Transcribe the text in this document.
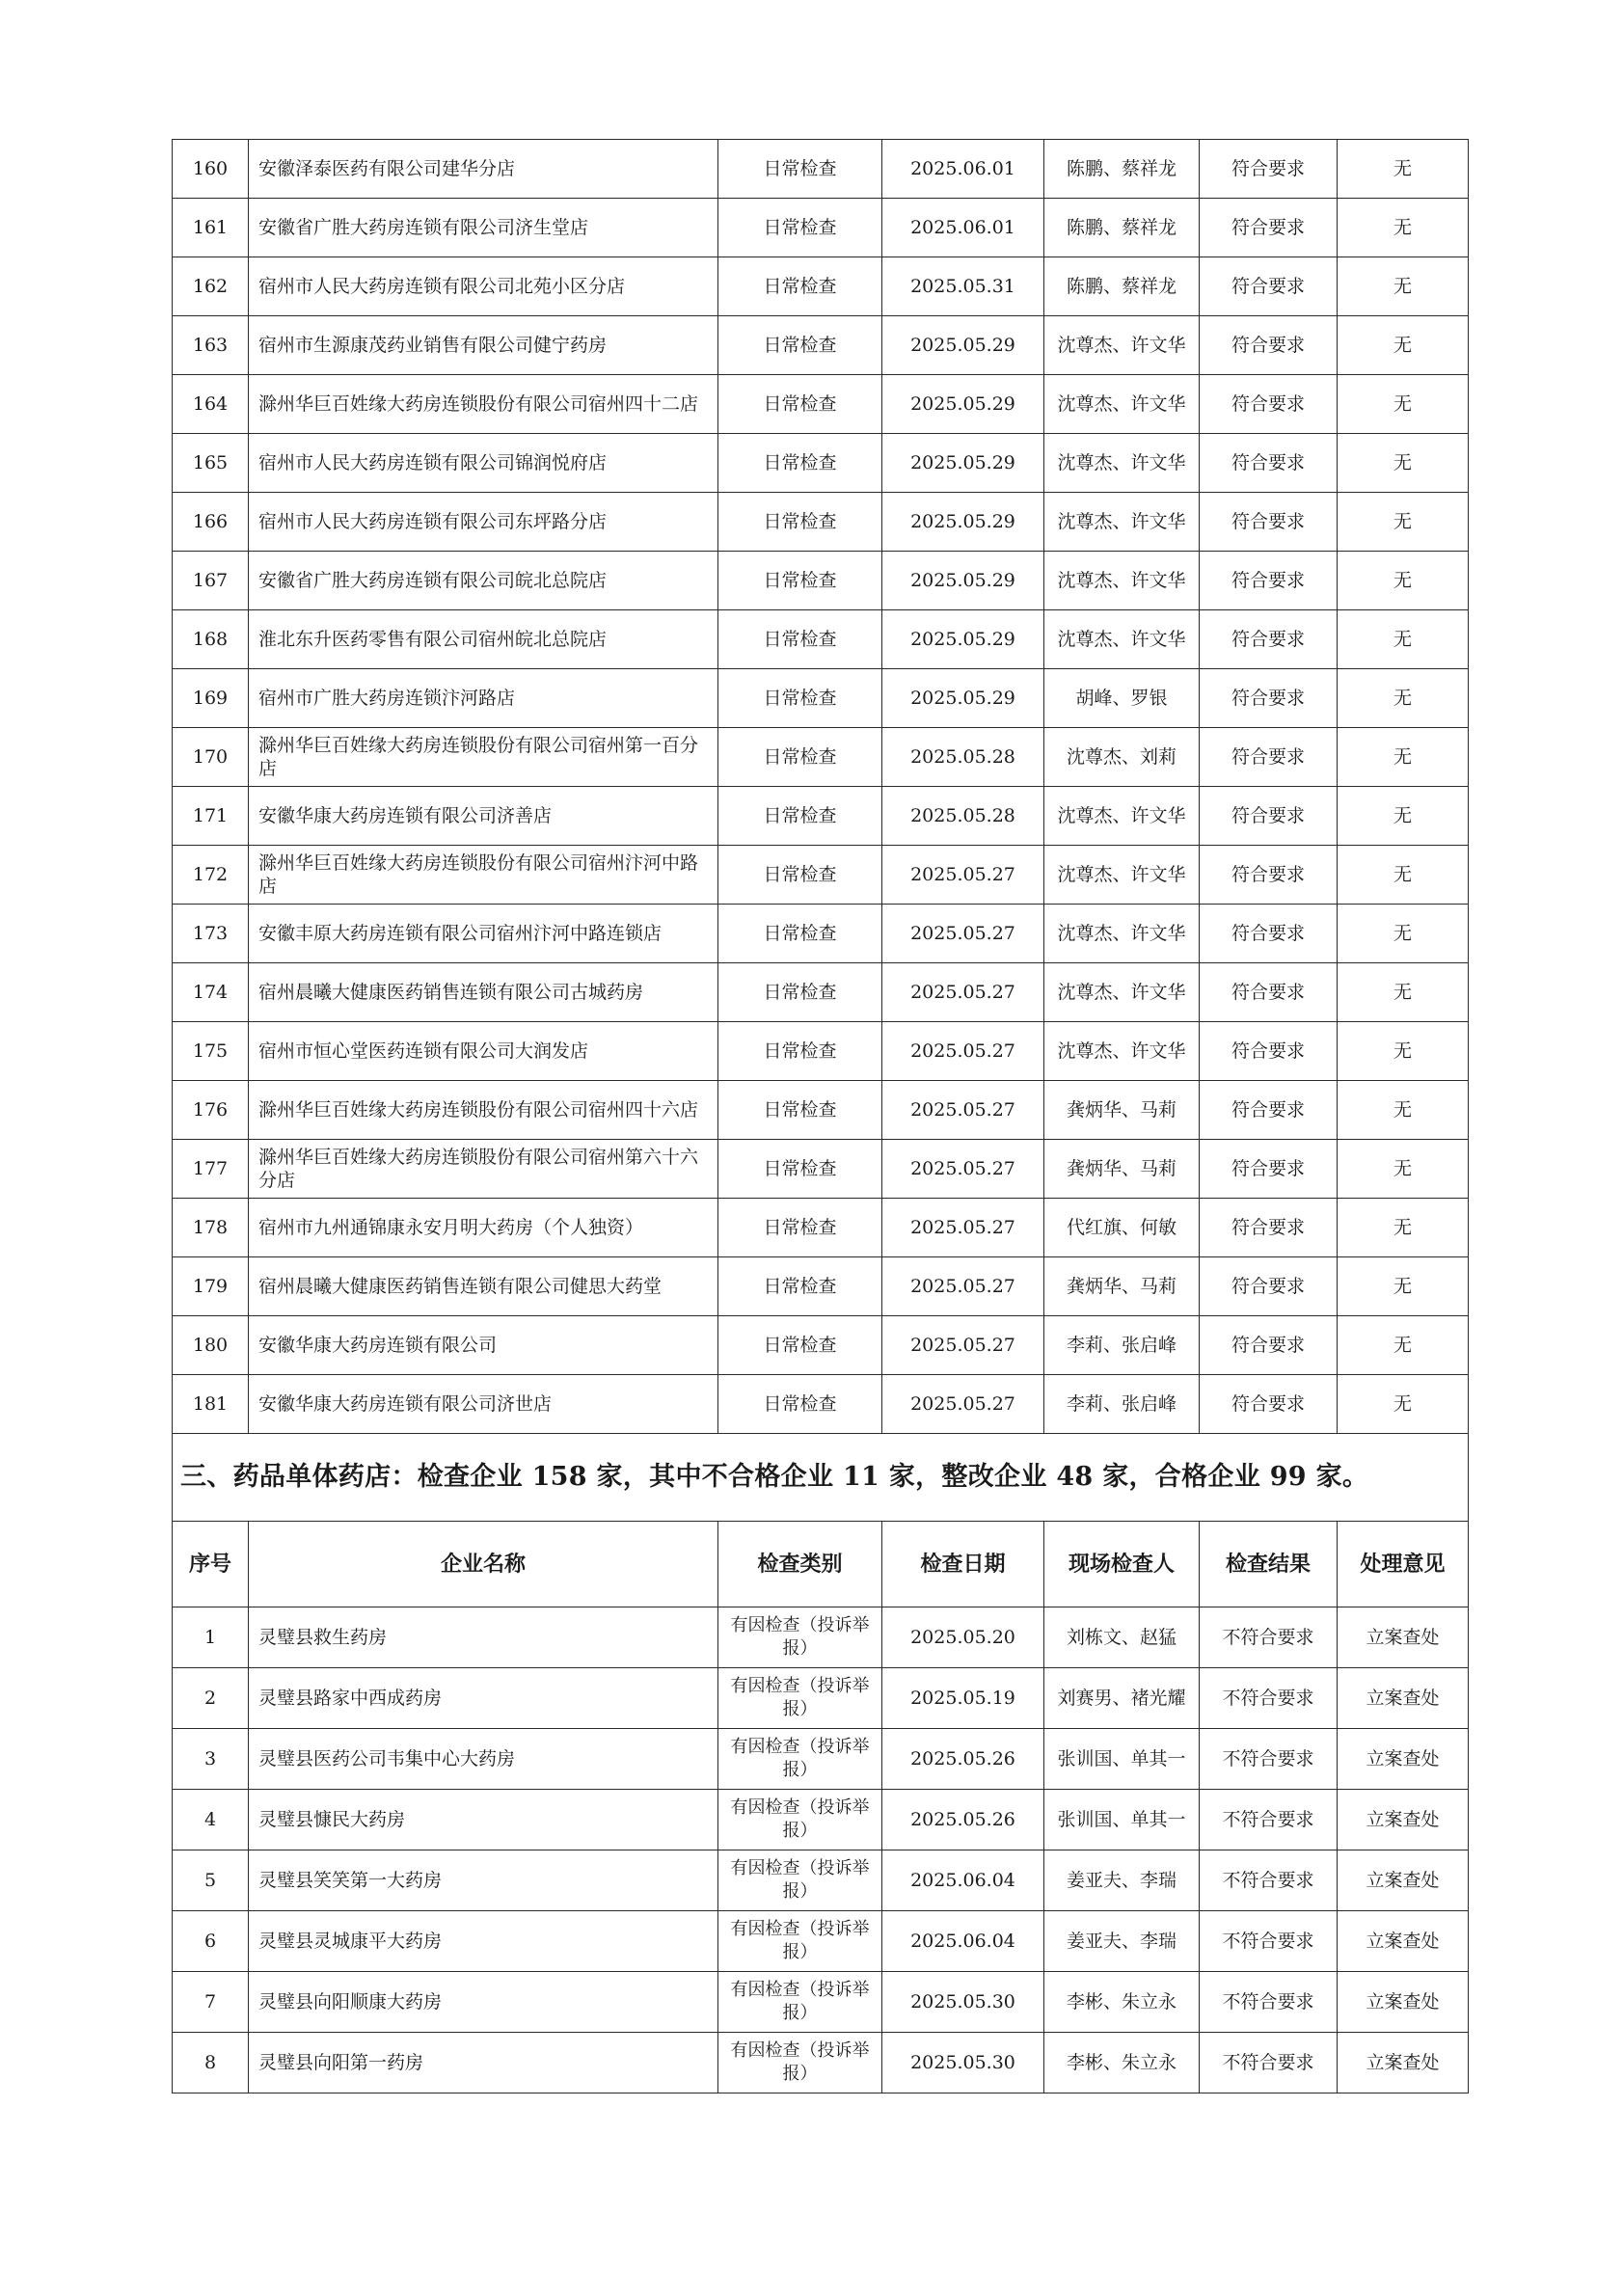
160	安徽泽泰医药有限公司建华分店	日常检查	2025.06.01	陈鹏、蔡祥龙	符合要求	无
161	安徽省广胜大药房连锁有限公司济生堂店	日常检查	2025.06.01	陈鹏、蔡祥龙	符合要求	无
162	宿州市人民大药房连锁有限公司北苑小区分店	日常检查	2025.05.31	陈鹏、蔡祥龙	符合要求	无
163	宿州市生源康茂药业销售有限公司健宁药房	日常检查	2025.05.29	沈尊杰、许文华	符合要求	无
164	滁州华巨百姓缘大药房连锁股份有限公司宿州四十二店	日常检查	2025.05.29	沈尊杰、许文华	符合要求	无
165	宿州市人民大药房连锁有限公司锦润悦府店	日常检查	2025.05.29	沈尊杰、许文华	符合要求	无
166	宿州市人民大药房连锁有限公司东坪路分店	日常检查	2025.05.29	沈尊杰、许文华	符合要求	无
167	安徽省广胜大药房连锁有限公司皖北总院店	日常检查	2025.05.29	沈尊杰、许文华	符合要求	无
168	淮北东升医药零售有限公司宿州皖北总院店	日常检查	2025.05.29	沈尊杰、许文华	符合要求	无
169	宿州市广胜大药房连锁汴河路店	日常检查	2025.05.29	胡峰、罗银	符合要求	无
170	滁州华巨百姓缘大药房连锁股份有限公司宿州第一百分店	日常检查	2025.05.28	沈尊杰、刘莉	符合要求	无
171	安徽华康大药房连锁有限公司济善店	日常检查	2025.05.28	沈尊杰、许文华	符合要求	无
172	滁州华巨百姓缘大药房连锁股份有限公司宿州汴河中路店	日常检查	2025.05.27	沈尊杰、许文华	符合要求	无
173	安徽丰原大药房连锁有限公司宿州汴河中路连锁店	日常检查	2025.05.27	沈尊杰、许文华	符合要求	无
174	宿州晨曦大健康医药销售连锁有限公司古城药房	日常检查	2025.05.27	沈尊杰、许文华	符合要求	无
175	宿州市恒心堂医药连锁有限公司大润发店	日常检查	2025.05.27	沈尊杰、许文华	符合要求	无
176	滁州华巨百姓缘大药房连锁股份有限公司宿州四十六店	日常检查	2025.05.27	龚炳华、马莉	符合要求	无
177	滁州华巨百姓缘大药房连锁股份有限公司宿州第六十六分店	日常检查	2025.05.27	龚炳华、马莉	符合要求	无
178	宿州市九州通锦康永安月明大药房（个人独资）	日常检查	2025.05.27	代红旗、何敏	符合要求	无
179	宿州晨曦大健康医药销售连锁有限公司健思大药堂	日常检查	2025.05.27	龚炳华、马莉	符合要求	无
180	安徽华康大药房连锁有限公司	日常检查	2025.05.27	李莉、张启峰	符合要求	无
181	安徽华康大药房连锁有限公司济世店	日常检查	2025.05.27	李莉、张启峰	符合要求	无
三、药品单体药店：检查企业 158 家，其中不合格企业 11 家，整改企业 48 家，合格企业 99 家。						
序号	企业名称	检查类别	检查日期	现场检查人	检查结果	处理意见
1	灵璧县救生药房	有因检查（投诉举报）	2025.05.20	刘栋文、赵猛	不符合要求	立案查处
2	灵璧县路家中西成药房	有因检查（投诉举报）	2025.05.19	刘赛男、褚光耀	不符合要求	立案查处
3	灵璧县医药公司韦集中心大药房	有因检查（投诉举报）	2025.05.26	张训国、单其一	不符合要求	立案查处
4	灵璧县慷民大药房	有因检查（投诉举报）	2025.05.26	张训国、单其一	不符合要求	立案查处
5	灵璧县笑笑第一大药房	有因检查（投诉举报）	2025.06.04	姜亚夫、李瑞	不符合要求	立案查处
6	灵璧县灵城康平大药房	有因检查（投诉举报）	2025.06.04	姜亚夫、李瑞	不符合要求	立案查处
7	灵璧县向阳顺康大药房	有因检查（投诉举报）	2025.05.30	李彬、朱立永	不符合要求	立案查处
8	灵璧县向阳第一药房	有因检查（投诉举报）	2025.05.30	李彬、朱立永	不符合要求	立案查处
